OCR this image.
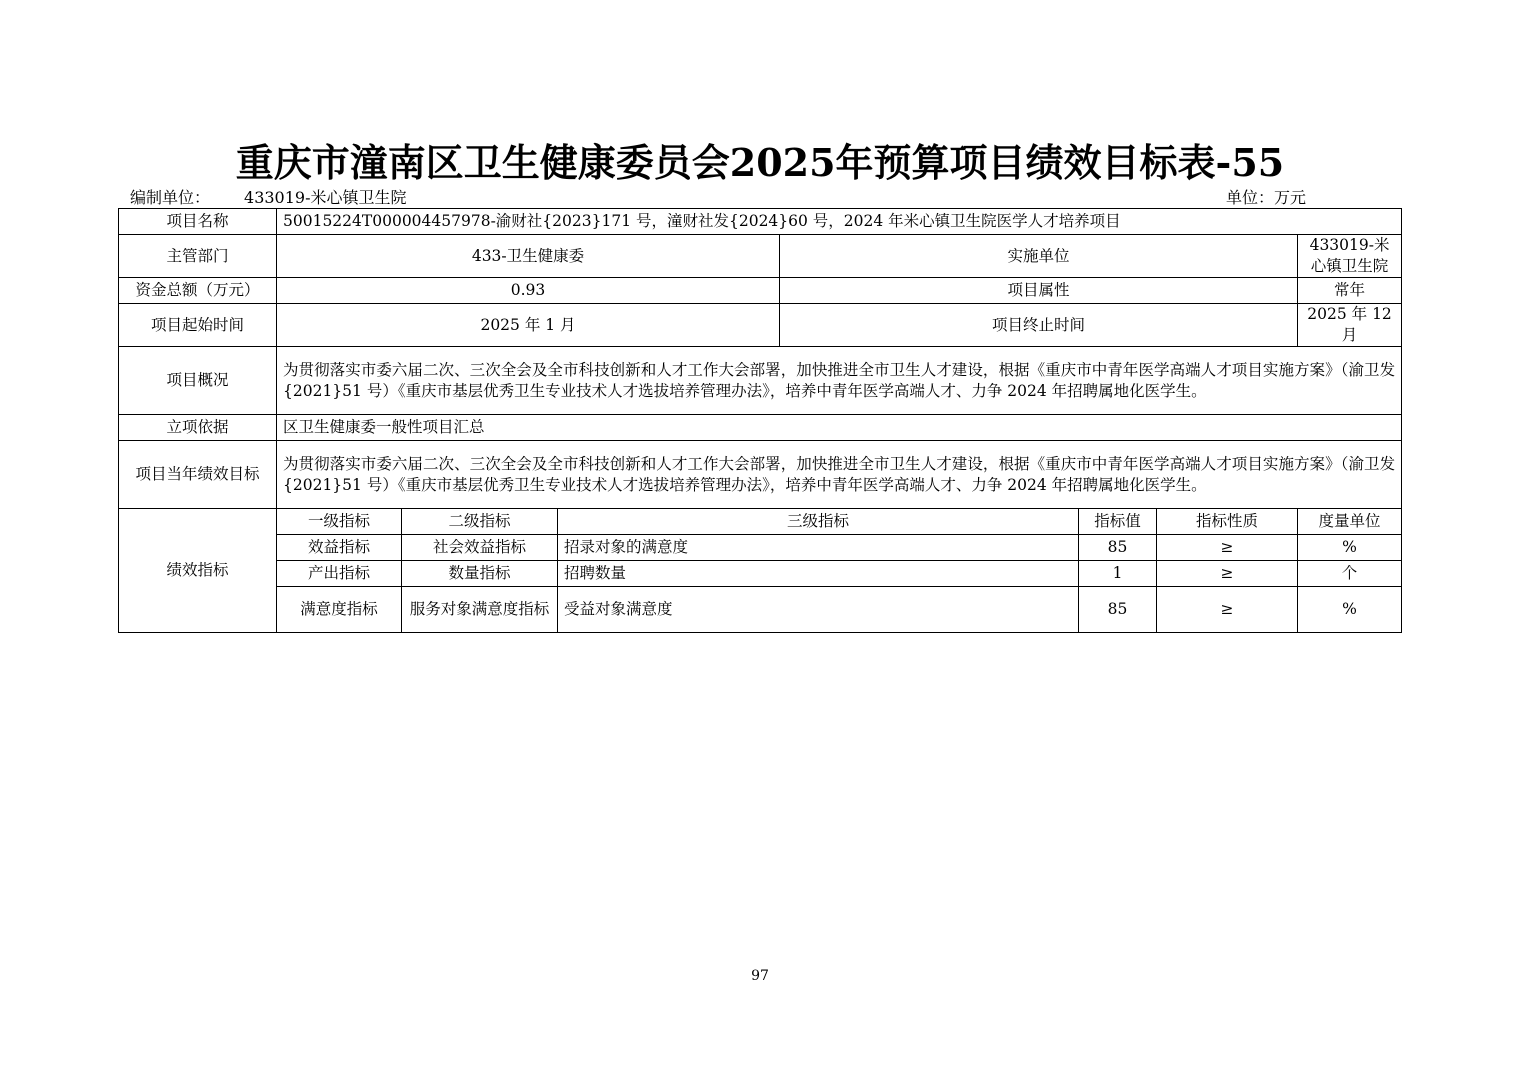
重庆市潼南区卫生健康委员会2025年预算项目绩效目标表-55
编制单位： 433019-米心镇卫生院	单位：万元
项目名称	50015224T000004457978-渝财社{2023}171 号，潼财社发{2024}60 号，2024 年米心镇卫生院医学人才培养项目						
主管部门	433-卫生健康委			实施单位			433019-米心镇卫生院
资金总额（万元）	0.93			项目属性			常年
项目起始时间	2025 年 1 月			项目终止时间			2025 年 12 月
项目概况	为贯彻落实市委六届二次、三次全会及全市科技创新和人才工作大会部署，加快推进全市卫生人才建设，根据《重庆市中青年医学高端人才项目实施方案》（渝卫发{2021}51 号）《重庆市基层优秀卫生专业技术人才选拔培养管理办法》，培养中青年医学高端人才、力争 2024 年招聘属地化医学生。						
立项依据	区卫生健康委一般性项目汇总						
项目当年绩效目标	为贯彻落实市委六届二次、三次全会及全市科技创新和人才工作大会部署，加快推进全市卫生人才建设，根据《重庆市中青年医学高端人才项目实施方案》（渝卫发{2021}51 号）《重庆市基层优秀卫生专业技术人才选拔培养管理办法》，培养中青年医学高端人才、力争 2024 年招聘属地化医学生。						
绩效指标	一级指标	二级指标	三级指标		指标值	指标性质	度量单位
	效益指标	社会效益指标	招录对象的满意度		85	≥	%
	产出指标	数量指标	招聘数量		1	≥	个
	满意度指标	服务对象满意度指标	受益对象满意度		85	≥	%
97
